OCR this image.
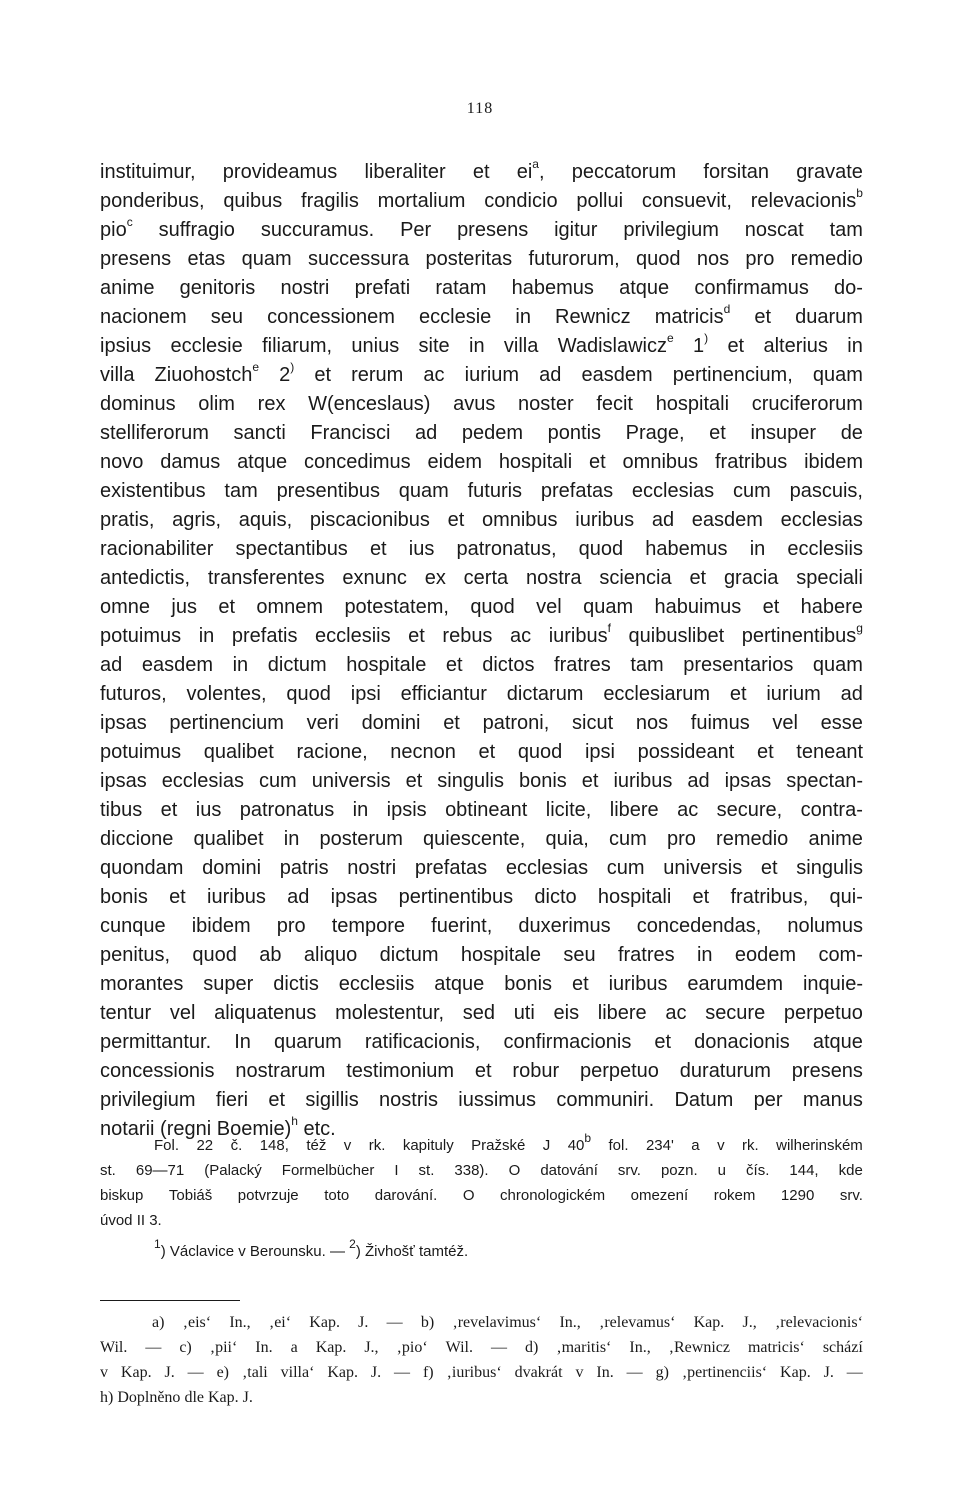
118
instituimur, provideamus liberaliter et $ei^a$, peccatorum forsitan gravate
ponderibus, quibus fragilis mortalium condicio pollui consuevit, relevacionis$^b$
pio$^c$ suffragio succuramus. Per presens igitur privilegium noscat tam
presens etas quam successura posteritas futurorum, quod nos pro remedio
anime genitoris nostri prefati ratam habemus atque confirmamus do-
nacionem seu concessionem ecclesie in Rewnicz matricis$^d$ et duarum
ipsius ecclesie filiarum, unius site in villa Wadislawicz$^e$ 1) et alterius in
villa Ziuohostch$^e$ 2) et rerum ac iurium ad easdem pertinencium, quam
dominus olim rex W(enceslaus) avus noster fecit hospitali cruciferorum
stelliferorum sancti Francisci ad pedem pontis Prage, et insuper de
novo damus atque concedimus eidem hospitali et omnibus fratribus ibidem
existentibus tam presentibus quam futuris prefatas ecclesias cum pascuis,
pratis, agris, aquis, piscacionibus et omnibus iuribus ad easdem ecclesias
racionabiliter spectantibus et ius patronatus, quod habemus in ecclesiis
antedictis, transferentes exnunc ex certa nostra sciencia et gracia speciali
omne jus et omnem potestatem, quod vel quam habuimus et habere
potuimus in prefatis ecclesiis et rebus ac iuribus$^f$ quibuslibet pertinentibus$^g$
ad easdem in dictum hospitale et dictos fratres tam presentarios quam
futuros, volentes, quod ipsi efficiantur dictarum ecclesiarum et iurium ad
ipsas pertinencium veri domini et patroni, sicut nos fuimus vel esse
potuimus qualibet racione, necnon et quod ipsi possideant et teneant
ipsas ecclesias cum universis et singulis bonis et iuribus ad ipsas spectan-
tibus et ius patronatus in ipsis obtineant licite, libere ac secure, contra-
diccione qualibet in posterum quiescente, quia, cum pro remedio anime
quondam domini patris nostri prefatas ecclesias cum universis et singulis
bonis et iuribus ad ipsas pertinentibus dicto hospitali et fratribus, qui-
cunque ibidem pro tempore fuerint, duxerimus concedendas, nolumus
penitus, quod ab aliquo dictum hospitale seu fratres in eodem com-
morantes super dictis ecclesiis atque bonis et iuribus earumdem inquie-
tentur vel aliquatenus molestentur, sed uti eis libere ac secure perpetuo
permittantur. In quarum ratificacionis, confirmacionis et donacionis atque
concessionis nostrarum testimonium et robur perpetuo duraturum presens
privilegium fieri et sigillis nostris iussimus communiri. Datum per manus
notarii (regni Boemie)$^h$ etc.
Fol. 22 č. 148, též v rk. kapituly Pražské J 40$^b$ fol. 234' a v rk. wilherinském
st. 69—71 (Palacký Formelbücher I st. 338). O datování srv. pozn. u čís. 144, kde
biskup Tobiáš potvrzuje toto darování. O chronologickém omezení rokem 1290 srv.
úvod II 3.
$^1$) Václavice v Berounsku. — $^2$) Živhošť tamtéž.
a) ‚eis‘ In., ‚ei‘ Kap. J. — b) ‚revelavimus‘ In., ‚relevamus‘ Kap. J., ‚relevacionis‘
Wil. — c) ‚pii‘ In. a Kap. J., ‚pio‘ Wil. — d) ‚maritis‘ In., ‚Rewnicz matricis‘ schází
v Kap. J. — e) ‚tali villa‘ Kap. J. — f) ‚iuribus‘ dvakrát v In. — g) ‚pertinenciis‘ Kap. J. —
h) Doplněno dle Kap. J.
